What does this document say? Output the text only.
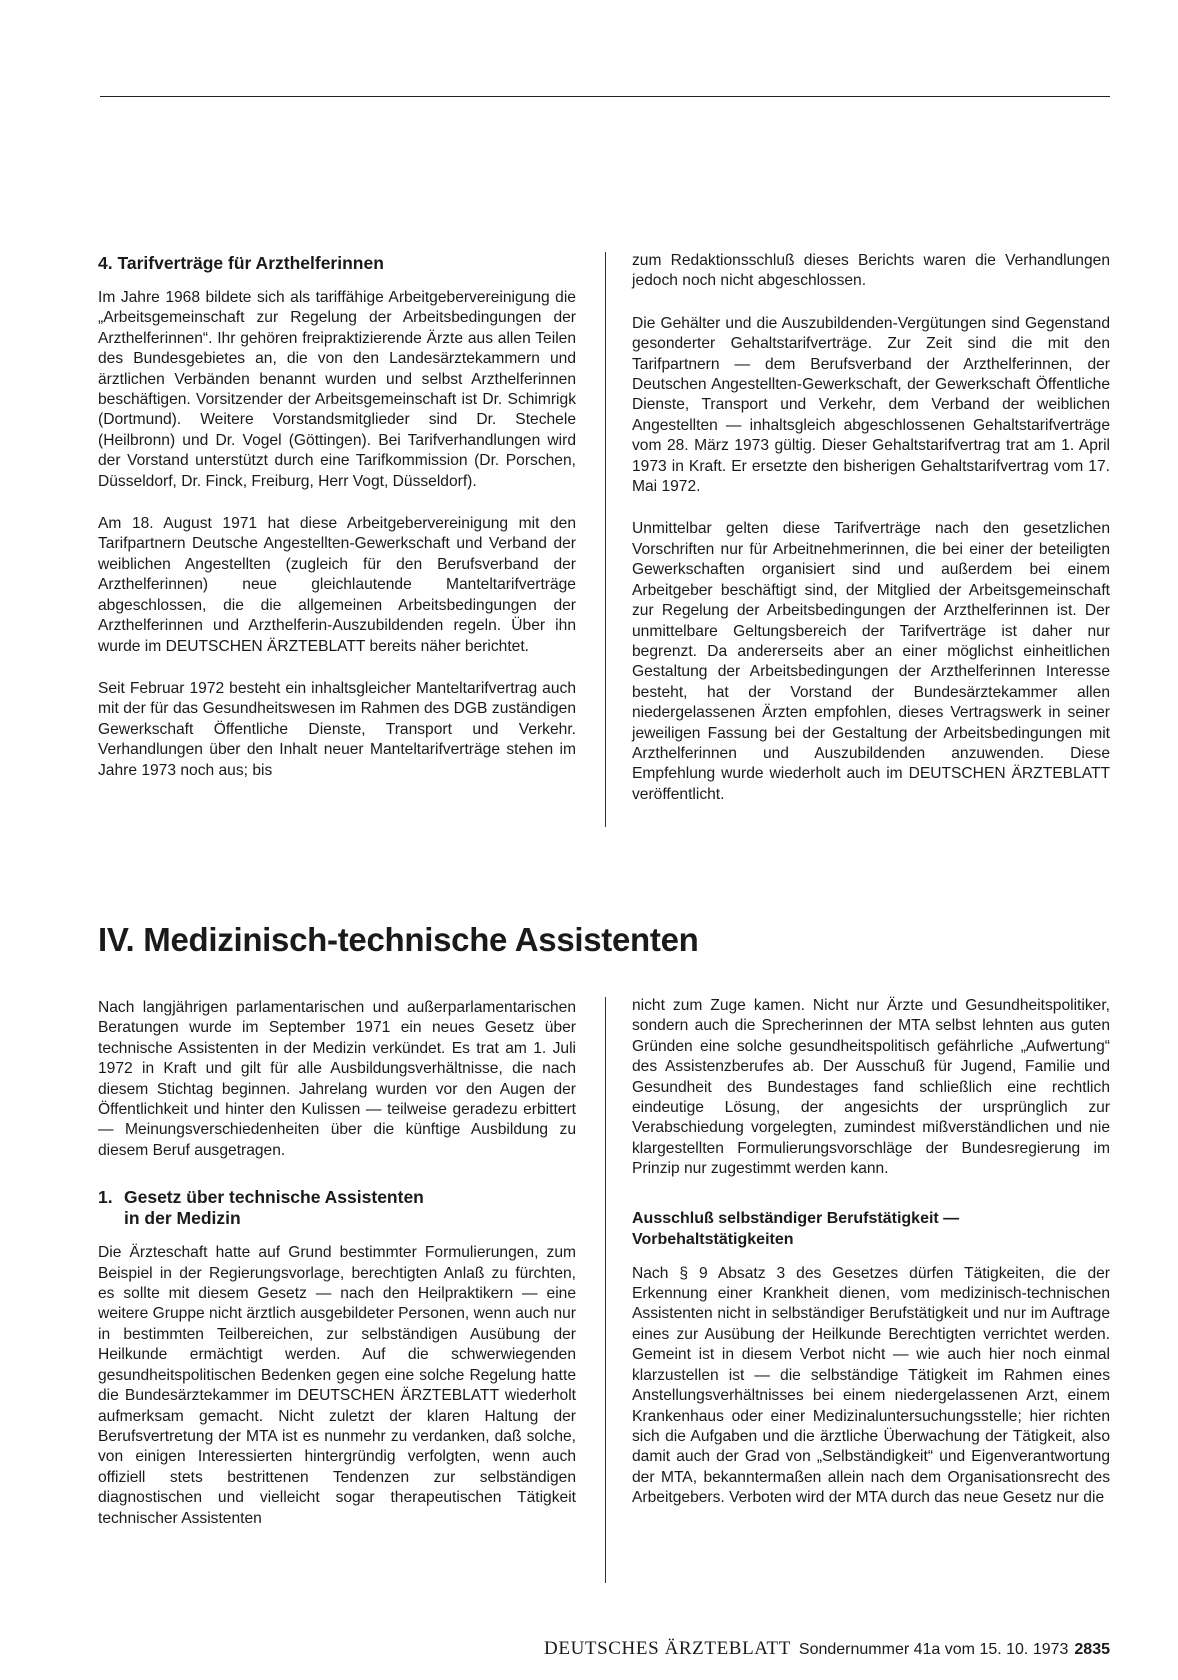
4. Tarifverträge für Arzthelferinnen

Im Jahre 1968 bildete sich als tariffähige Arbeitgebervereinigung die „Arbeitsgemeinschaft zur Regelung der Arbeitsbedingungen der Arzthelferinnen“. Ihr gehören freipraktizierende Ärzte aus allen Teilen des Bundesgebietes an, die von den Landesärztekammern und ärztlichen Verbänden benannt wurden und selbst Arzthelferinnen beschäftigen. Vorsitzender der Arbeitsgemeinschaft ist Dr. Schimrigk (Dortmund). Weitere Vorstandsmitglieder sind Dr. Stechele (Heilbronn) und Dr. Vogel (Göttingen). Bei Tarifverhandlungen wird der Vorstand unterstützt durch eine Tarifkommission (Dr. Porschen, Düsseldorf, Dr. Finck, Freiburg, Herr Vogt, Düsseldorf).

Am 18. August 1971 hat diese Arbeitgebervereinigung mit den Tarifpartnern Deutsche Angestellten-Gewerkschaft und Verband der weiblichen Angestellten (zugleich für den Berufsverband der Arzthelferinnen) neue gleichlautende Manteltarifverträge abgeschlossen, die die allgemeinen Arbeitsbedingungen der Arzthelferinnen und Arzthelferin-Auszubildenden regeln. Über ihn wurde im DEUTSCHEN ÄRZTEBLATT bereits näher berichtet.

Seit Februar 1972 besteht ein inhaltsgleicher Manteltarifvertrag auch mit der für das Gesundheitswesen im Rahmen des DGB zuständigen Gewerkschaft Öffentliche Dienste, Transport und Verkehr. Verhandlungen über den Inhalt neuer Manteltarifverträge stehen im Jahre 1973 noch aus; bis

zum Redaktionsschluß dieses Berichts waren die Verhandlungen jedoch noch nicht abgeschlossen.

Die Gehälter und die Auszubildenden-Vergütungen sind Gegenstand gesonderter Gehaltstarifverträge. Zur Zeit sind die mit den Tarifpartnern — dem Berufsverband der Arzthelferinnen, der Deutschen Angestellten-Gewerkschaft, der Gewerkschaft Öffentliche Dienste, Transport und Verkehr, dem Verband der weiblichen Angestellten — inhaltsgleich abgeschlossenen Gehaltstarifverträge vom 28. März 1973 gültig. Dieser Gehaltstarifvertrag trat am 1. April 1973 in Kraft. Er ersetzte den bisherigen Gehaltstarifvertrag vom 17. Mai 1972.

Unmittelbar gelten diese Tarifverträge nach den gesetzlichen Vorschriften nur für Arbeitnehmerinnen, die bei einer der beteiligten Gewerkschaften organisiert sind und außerdem bei einem Arbeitgeber beschäftigt sind, der Mitglied der Arbeitsgemeinschaft zur Regelung der Arbeitsbedingungen der Arzthelferinnen ist. Der unmittelbare Geltungsbereich der Tarifverträge ist daher nur begrenzt. Da andererseits aber an einer möglichst einheitlichen Gestaltung der Arbeitsbedingungen der Arzthelferinnen Interesse besteht, hat der Vorstand der Bundesärztekammer allen niedergelassenen Ärzten empfohlen, dieses Vertragswerk in seiner jeweiligen Fassung bei der Gestaltung der Arbeitsbedingungen mit Arzthelferinnen und Auszubildenden anzuwenden. Diese Empfehlung wurde wiederholt auch im DEUTSCHEN ÄRZTEBLATT veröffentlicht.

IV. Medizinisch-technische Assistenten

Nach langjährigen parlamentarischen und außerparlamentarischen Beratungen wurde im September 1971 ein neues Gesetz über technische Assistenten in der Medizin verkündet. Es trat am 1. Juli 1972 in Kraft und gilt für alle Ausbildungsverhältnisse, die nach diesem Stichtag beginnen. Jahrelang wurden vor den Augen der Öffentlichkeit und hinter den Kulissen — teilweise geradezu erbittert — Meinungsverschiedenheiten über die künftige Ausbildung zu diesem Beruf ausgetragen.

1. Gesetz über technische Assistenten
in der Medizin

Die Ärzteschaft hatte auf Grund bestimmter Formulierungen, zum Beispiel in der Regierungsvorlage, berechtigten Anlaß zu fürchten, es sollte mit diesem Gesetz — nach den Heilpraktikern — eine weitere Gruppe nicht ärztlich ausgebildeter Personen, wenn auch nur in bestimmten Teilbereichen, zur selbständigen Ausübung der Heilkunde ermächtigt werden. Auf die schwerwiegenden gesundheitspolitischen Bedenken gegen eine solche Regelung hatte die Bundesärztekammer im DEUTSCHEN ÄRZTEBLATT wiederholt aufmerksam gemacht. Nicht zuletzt der klaren Haltung der Berufsvertretung der MTA ist es nunmehr zu verdanken, daß solche, von einigen Interessierten hintergründig verfolgten, wenn auch offiziell stets bestrittenen Tendenzen zur selbständigen diagnostischen und vielleicht sogar therapeutischen Tätigkeit technischer Assistenten

nicht zum Zuge kamen. Nicht nur Ärzte und Gesundheitspolitiker, sondern auch die Sprecherinnen der MTA selbst lehnten aus guten Gründen eine solche gesundheitspolitisch gefährliche „Aufwertung“ des Assistenzberufes ab. Der Ausschuß für Jugend, Familie und Gesundheit des Bundestages fand schließlich eine rechtlich eindeutige Lösung, der angesichts der ursprünglich zur Verabschiedung vorgelegten, zumindest mißverständlichen und nie klargestellten Formulierungsvorschläge der Bundesregierung im Prinzip nur zugestimmt werden kann.

Ausschluß selbständiger Berufstätigkeit —
Vorbehaltstätigkeiten

Nach § 9 Absatz 3 des Gesetzes dürfen Tätigkeiten, die der Erkennung einer Krankheit dienen, vom medizinisch-technischen Assistenten nicht in selbständiger Berufstätigkeit und nur im Auftrage eines zur Ausübung der Heilkunde Berechtigten verrichtet werden. Gemeint ist in diesem Verbot nicht — wie auch hier noch einmal klarzustellen ist — die selbständige Tätigkeit im Rahmen eines Anstellungsverhältnisses bei einem niedergelassenen Arzt, einem Krankenhaus oder einer Medizinaluntersuchungsstelle; hier richten sich die Aufgaben und die ärztliche Überwachung der Tätigkeit, also damit auch der Grad von „Selbständigkeit“ und Eigenverantwortung der MTA, bekanntermaßen allein nach dem Organisationsrecht des Arbeitgebers. Verboten wird der MTA durch das neue Gesetz nur die

DEUTSCHES ÄRZTEBLATT Sondernummer 41a vom 15. 10. 1973 2835
